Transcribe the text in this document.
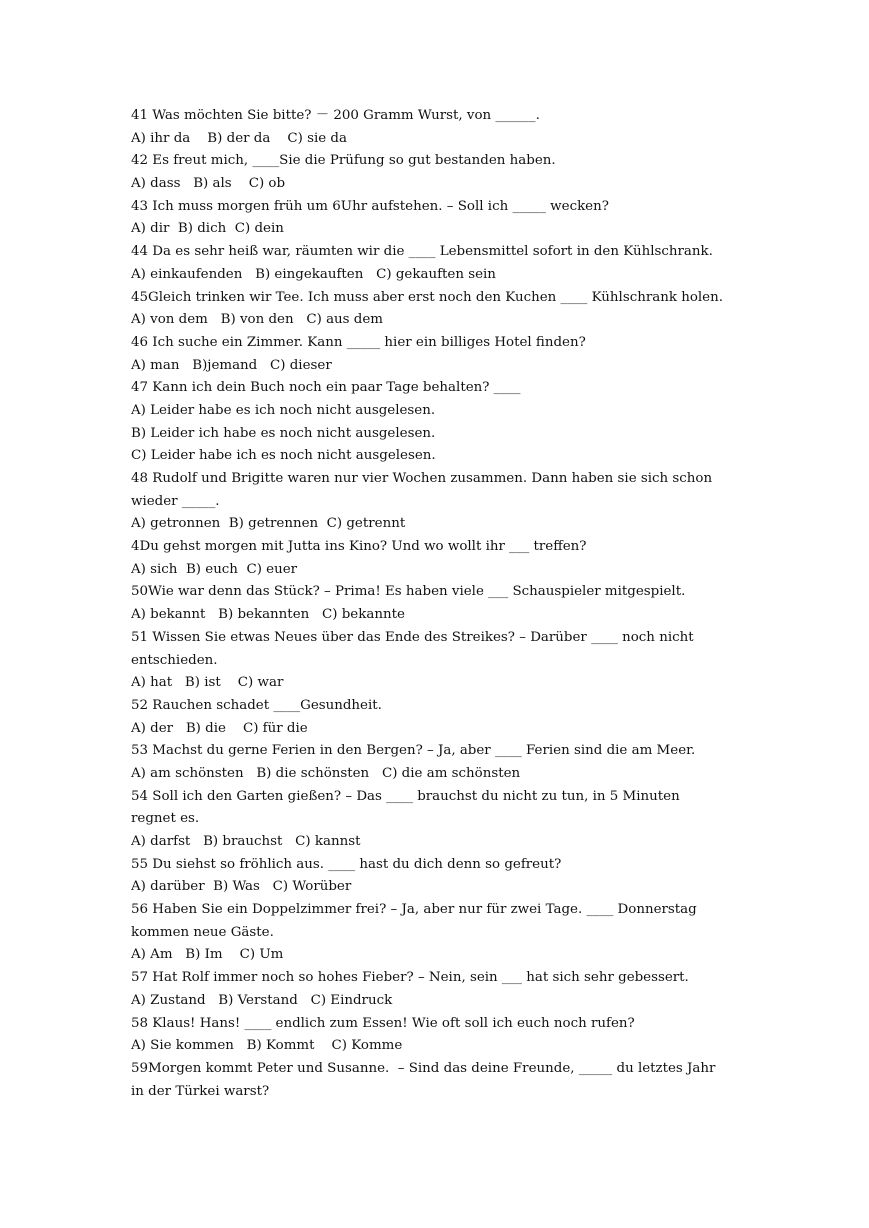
41 Was möchten Sie bitte? － 200 Gramm Wurst, von ______.
A) ihr da    B) der da    C) sie da
42 Es freut mich, ____Sie die Prüfung so gut bestanden haben.
A) dass   B) als    C) ob
43 Ich muss morgen früh um 6Uhr aufstehen. – Soll ich _____ wecken?
A) dir  B) dich  C) dein
44 Da es sehr heiß war, räumten wir die ____ Lebensmittel sofort in den Kühlschrank.
A) einkaufenden   B) eingekauften   C) gekauften sein
45Gleich trinken wir Tee. Ich muss aber erst noch den Kuchen ____ Kühlschrank holen.
A) von dem   B) von den   C) aus dem
46 Ich suche ein Zimmer. Kann _____ hier ein billiges Hotel finden?
A) man   B)jemand   C) dieser
47 Kann ich dein Buch noch ein paar Tage behalten? ____
A) Leider habe es ich noch nicht ausgelesen.
B) Leider ich habe es noch nicht ausgelesen.
C) Leider habe ich es noch nicht ausgelesen.
48 Rudolf und Brigitte waren nur vier Wochen zusammen. Dann haben sie sich schon
wieder _____.
A) getronnen  B) getrennen  C) getrennt
4Du gehst morgen mit Jutta ins Kino? Und wo wollt ihr ___ treffen?
A) sich  B) euch  C) euer
50Wie war denn das Stück? – Prima! Es haben viele ___ Schauspieler mitgespielt.
A) bekannt   B) bekannten   C) bekannte
51 Wissen Sie etwas Neues über das Ende des Streikes? – Darüber ____ noch nicht
entschieden.
A) hat   B) ist    C) war
52 Rauchen schadet ____Gesundheit.
A) der   B) die    C) für die
53 Machst du gerne Ferien in den Bergen? – Ja, aber ____ Ferien sind die am Meer.
A) am schönsten   B) die schönsten   C) die am schönsten
54 Soll ich den Garten gießen? – Das ____ brauchst du nicht zu tun, in 5 Minuten
regnet es.
A) darfst   B) brauchst   C) kannst
55 Du siehst so fröhlich aus. ____ hast du dich denn so gefreut?
A) darüber  B) Was   C) Worüber
56 Haben Sie ein Doppelzimmer frei? – Ja, aber nur für zwei Tage. ____ Donnerstag
kommen neue Gäste.
A) Am   B) Im    C) Um
57 Hat Rolf immer noch so hohes Fieber? – Nein, sein ___ hat sich sehr gebessert.
A) Zustand   B) Verstand   C) Eindruck
58 Klaus! Hans! ____ endlich zum Essen! Wie oft soll ich euch noch rufen?
A) Sie kommen   B) Kommt    C) Komme
59Morgen kommt Peter und Susanne.  – Sind das deine Freunde, _____ du letztes Jahr
in der Türkei warst?
